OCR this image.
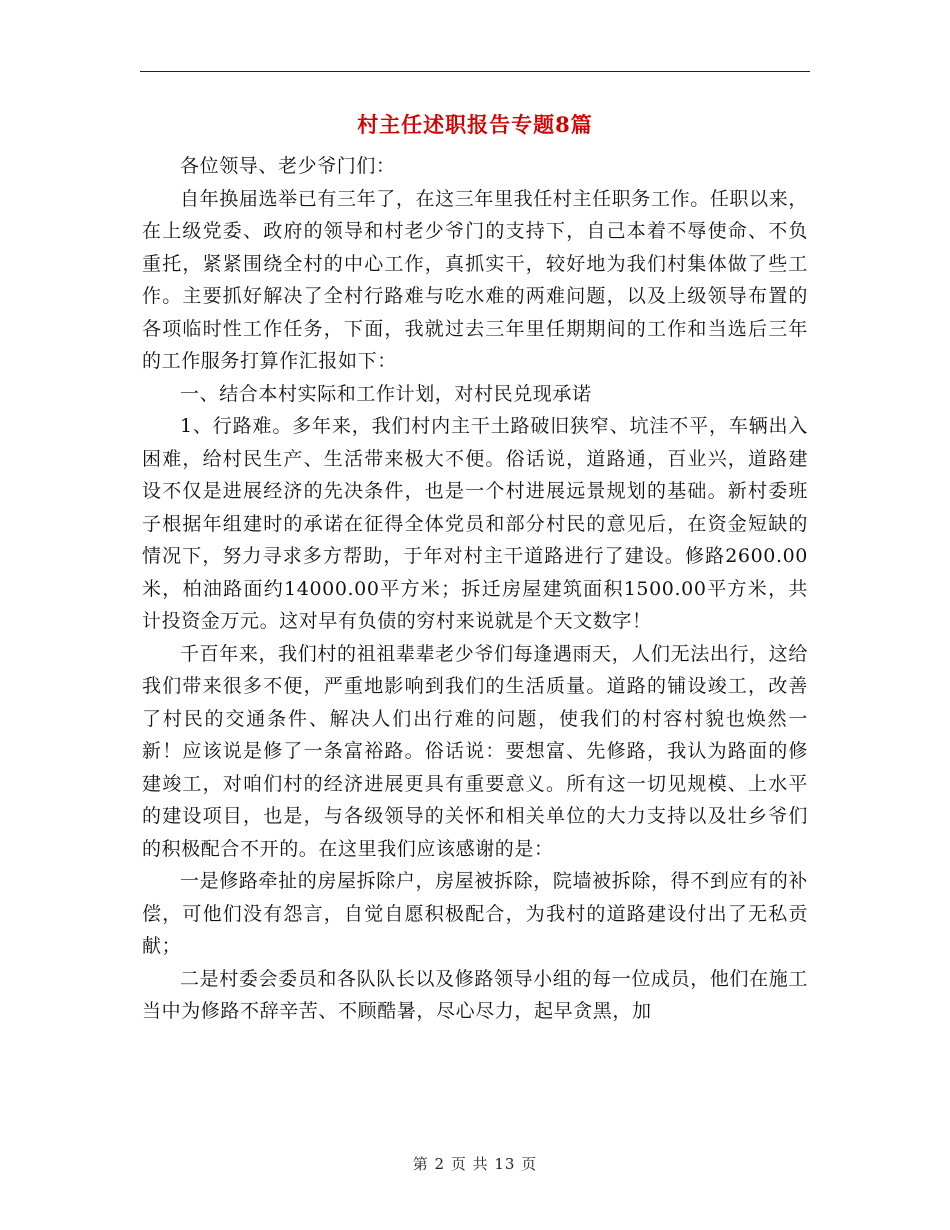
村主任述职报告专题8篇

各位领导、老少爷门们：

自年换届选举已有三年了，在这三年里我任村主任职务工作。任职以来，在上级党委、政府的领导和村老少爷门的支持下，自己本着不辱使命、不负重托，紧紧围绕全村的中心工作，真抓实干，较好地为我们村集体做了些工作。主要抓好解决了全村行路难与吃水难的两难问题，以及上级领导布置的各项临时性工作任务，下面，我就过去三年里任期期间的工作和当选后三年的工作服务打算作汇报如下：

一、结合本村实际和工作计划，对村民兑现承诺

1、行路难。多年来，我们村内主干土路破旧狭窄、坑洼不平，车辆出入困难，给村民生产、生活带来极大不便。俗话说，道路通，百业兴，道路建设不仅是进展经济的先决条件，也是一个村进展远景规划的基础。新村委班子根据年组建时的承诺在征得全体党员和部分村民的意见后，在资金短缺的情况下，努力寻求多方帮助，于年对村主干道路进行了建设。修路2600.00米，柏油路面约14000.00平方米；拆迁房屋建筑面积1500.00平方米，共计投资金万元。这对早有负债的穷村来说就是个天文数字！

千百年来，我们村的祖祖辈辈老少爷们每逢遇雨天，人们无法出行，这给我们带来很多不便，严重地影响到我们的生活质量。道路的铺设竣工，改善了村民的交通条件、解决人们出行难的问题，使我们的村容村貌也焕然一新！应该说是修了一条富裕路。俗话说：要想富、先修路，我认为路面的修建竣工，对咱们村的经济进展更具有重要意义。所有这一切见规模、上水平的建设项目，也是，与各级领导的关怀和相关单位的大力支持以及壮乡爷们的积极配合不开的。在这里我们应该感谢的是：

一是修路牵扯的房屋拆除户，房屋被拆除，院墙被拆除，得不到应有的补偿，可他们没有怨言，自觉自愿积极配合，为我村的道路建设付出了无私贡献；

二是村委会委员和各队队长以及修路领导小组的每一位成员，他们在施工当中为修路不辞辛苦、不顾酷暑，尽心尽力，起早贪黑，加

第 2 页 共 13 页
